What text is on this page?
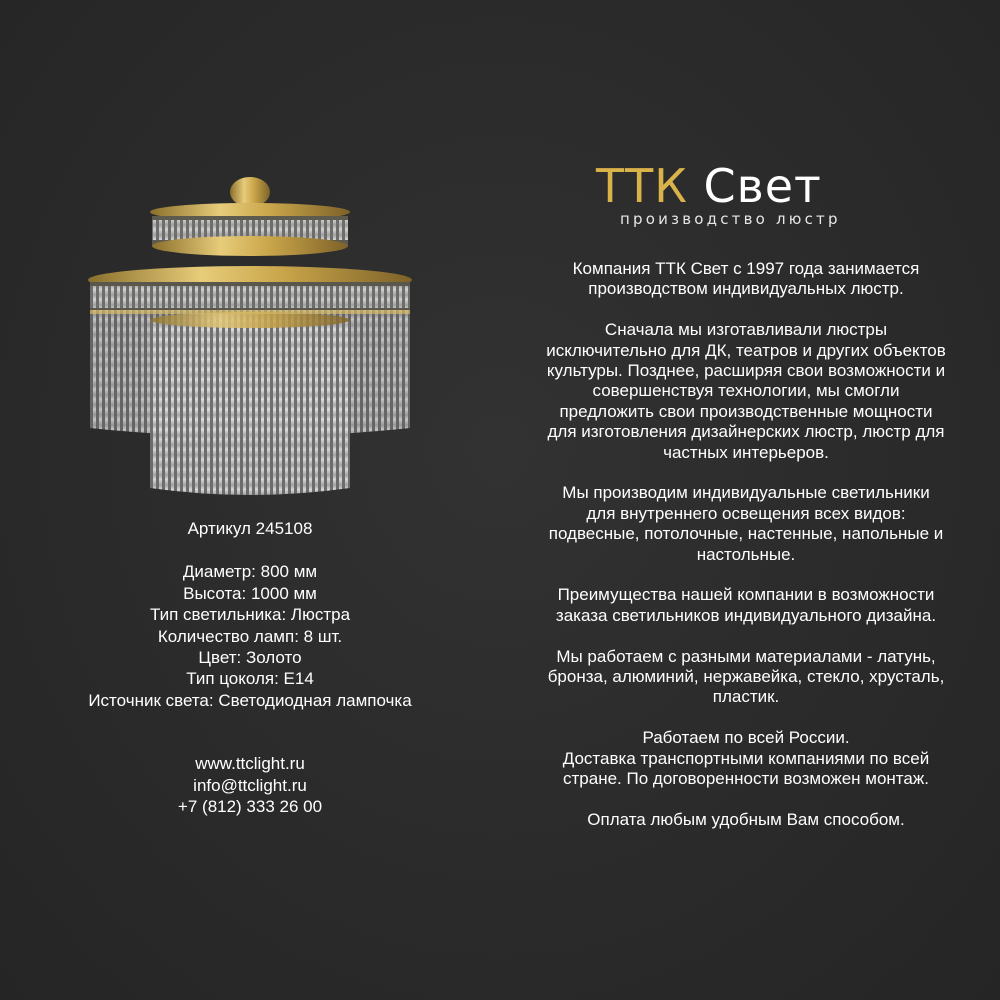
Артикул 245108
Диаметр: 800 мм
Высота: 1000 мм
Тип светильника: Люстра
Количество ламп: 8 шт.
Цвет: Золото
Тип цоколя: E14
Источник света: Светодиодная лампочка
www.ttclight.ru
info@ttclight.ru
+7 (812) 333 26 00
ТТК Свет
производство люстр

Компания ТТК Свет с 1997 года занимается
производством индивидуальных люстр.

Сначала мы изготавливали люстры
исключительно для ДК, театров и других объектов
культуры. Позднее, расширяя свои возможности и
совершенствуя технологии, мы смогли
предложить свои производственные мощности
для изготовления дизайнерских люстр, люстр для
частных интерьеров.

Мы производим индивидуальные светильники
для внутреннего освещения всех видов:
подвесные, потолочные, настенные, напольные и
настольные.

Преимущества нашей компании в возможности
заказа светильников индивидуального дизайна.

Мы работаем с разными материалами - латунь,
бронза, алюминий, нержавейка, стекло, хрусталь,
пластик.

Работаем по всей России.
Доставка транспортными компаниями по всей
стране. По договоренности возможен монтаж.

Оплата любым удобным Вам способом.
